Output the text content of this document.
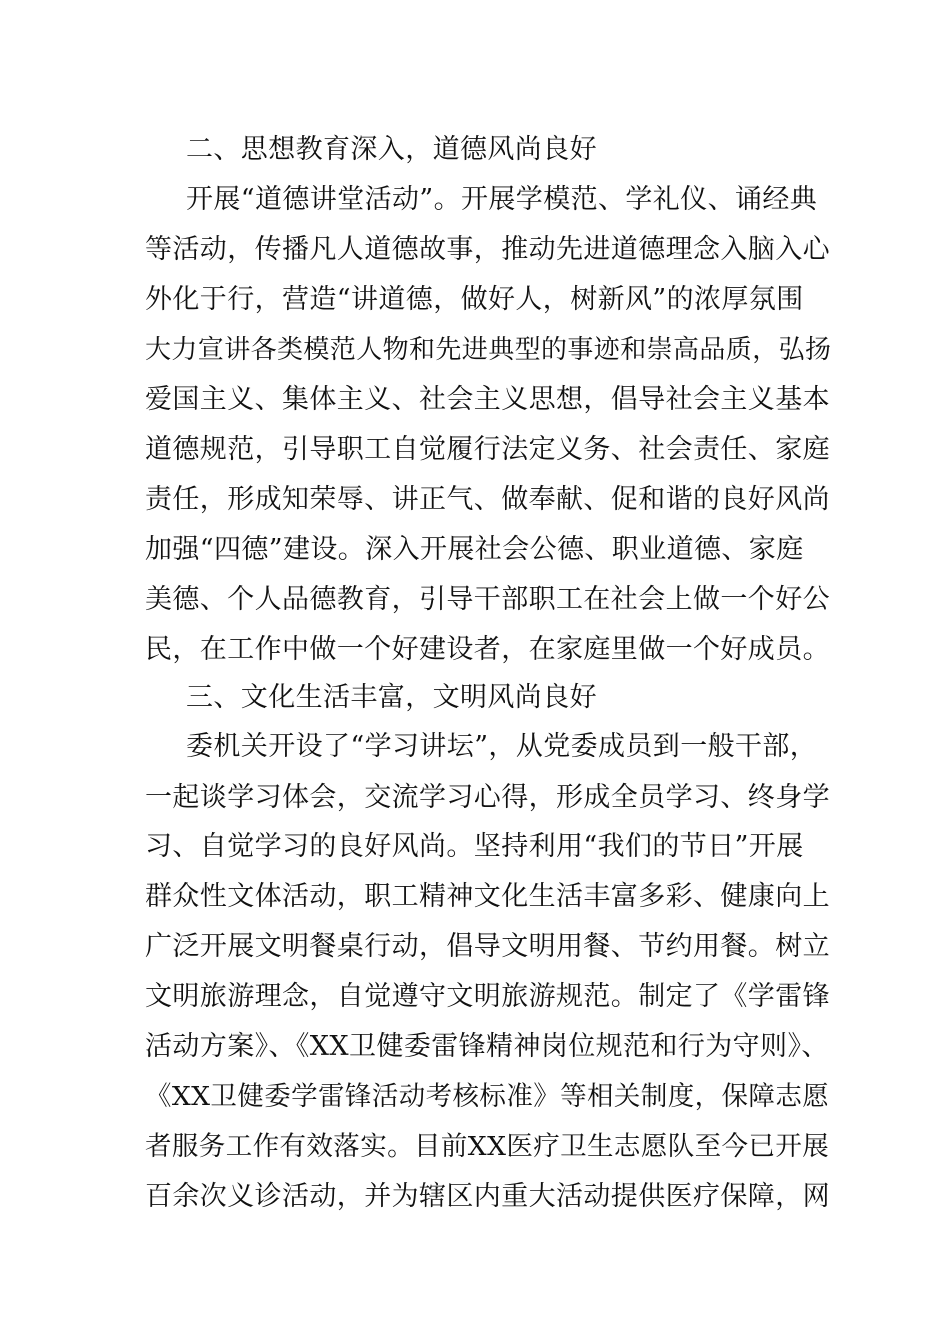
二、思想教育深入，道德风尚良好
开展“道德讲堂活动”。开展学模范、学礼仪、诵经典
等活动，传播凡人道德故事，推动先进道德理念入脑入心
外化于行，营造“讲道德，做好人，树新风”的浓厚氛围
大力宣讲各类模范人物和先进典型的事迹和崇高品质，弘扬
爱国主义、集体主义、社会主义思想，倡导社会主义基本
道德规范，引导职工自觉履行法定义务、社会责任、家庭
责任，形成知荣辱、讲正气、做奉献、促和谐的良好风尚
加强“四德”建设。深入开展社会公德、职业道德、家庭
美德、个人品德教育，引导干部职工在社会上做一个好公
民，在工作中做一个好建设者，在家庭里做一个好成员。
三、文化生活丰富，文明风尚良好
委机关开设了“学习讲坛”，从党委成员到一般干部，
一起谈学习体会，交流学习心得，形成全员学习、终身学
习、自觉学习的良好风尚。坚持利用“我们的节日”开展
群众性文体活动，职工精神文化生活丰富多彩、健康向上
广泛开展文明餐桌行动，倡导文明用餐、节约用餐。树立
文明旅游理念，自觉遵守文明旅游规范。制定了《学雷锋
活动方案》、《XX卫健委雷锋精神岗位规范和行为守则》、
《XX卫健委学雷锋活动考核标准》等相关制度，保障志愿
者服务工作有效落实。目前XX医疗卫生志愿队至今已开展
百余次义诊活动，并为辖区内重大活动提供医疗保障，网
